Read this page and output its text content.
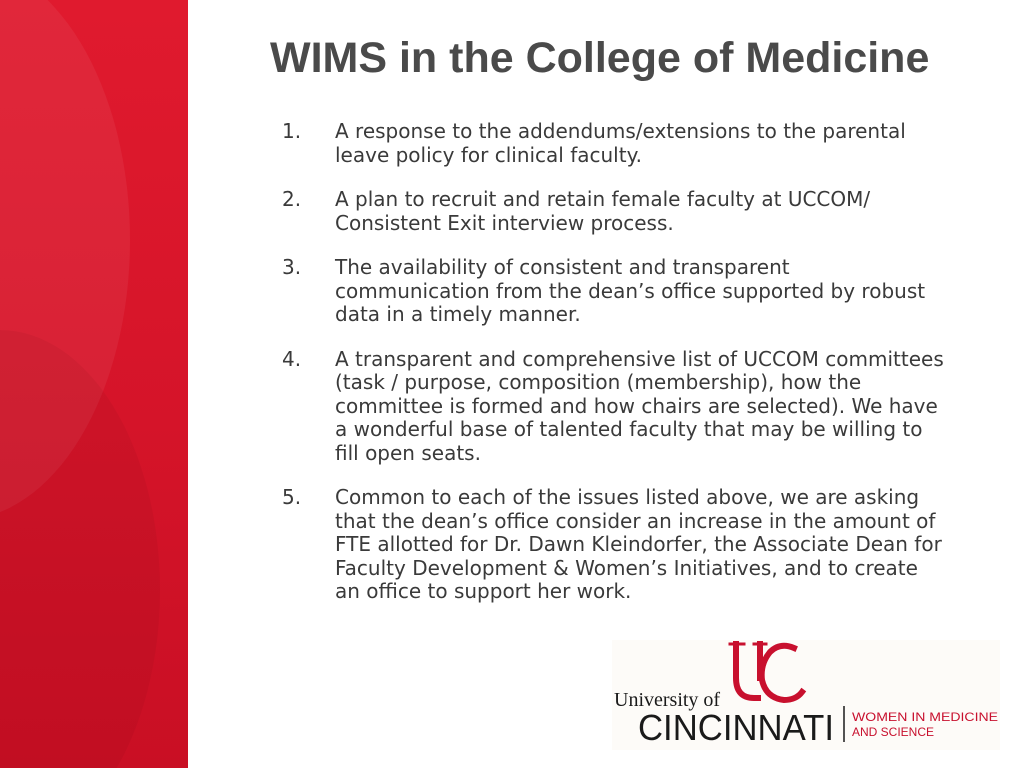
WIMS in the College of Medicine
1.	A response to the addendums/extensions to the parental leave policy for clinical faculty.
2.	A plan to recruit and retain female faculty at UCCOM/ Consistent Exit interview process.
3.	The availability of consistent and transparent communication from the dean’s office supported by robust data in a timely manner.
4.	A transparent and comprehensive list of UCCOM committees (task / purpose, composition (membership), how the committee is formed and how chairs are selected). We have a wonderful base of talented faculty that may be willing to fill open seats.
5.	Common to each of the issues listed above, we are asking that the dean’s office consider an increase in the amount of FTE allotted for Dr. Dawn Kleindorfer, the Associate Dean for Faculty Development & Women’s Initiatives, and to create an office to support her work.
University of
CINCINNATI WOMEN IN MEDICINE
AND SCIENCE
